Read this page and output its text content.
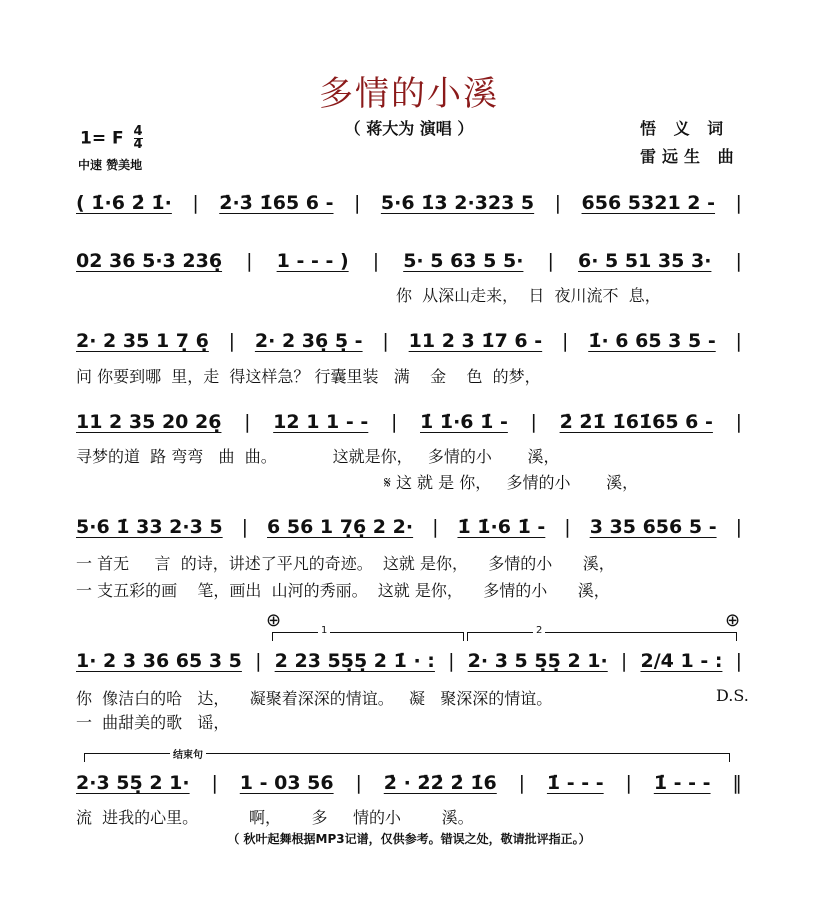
多情的小溪
（ 蒋大为 演唱 ）	悟 义 词
雷远生 曲
1= F $\frac{4}{4}$
中速 赞美地
( 1̇·6 2̇ 1̇· | 2̇·3̇ 1̇65 6 - | 5·6 1̇3 2·323 5 | 656 5321 2 - |
02 36 5·3 236̣ | 1 - - - ) | 5· 5 63 5 5· | 6· 5 51 35 3· |
2· 2 35 1 7̣ 6̣ | 2· 2 36̣ 5̣ - | 11 2 3 1̇7 6 - | 1̇· 6 65 3 5 - |
11 2 35 20 26̣ | 12 1 1 - - | 1̇ 1̇·6 1̇ - | 2̇ 2̇1̇ 1̇61̇65 6 - |
5·6 1̇ 33 2·3 5 | 6 56 1 7̣6̣ 2 2· | 1̇ 1̇·6 1̇ - | 3 35 656 5 - |
1· 2 3 36 65 3 5 | 2 23 55̣5̣ 2 1̇ · : | 2· 3 5 5̣5̣ 2 1· | 2/4 1 - : |
2·3 55̣ 2 1· | 1 - 03 56 | 2̇ · 2̇2̇ 2̇ 1̇6 | 1̇ - - - | 1̇ - - - ‖
你  从深山走来，  日  夜川流不  息，
问 你要到哪  里，走  得这样急？ 行囊里装   满    金    色  的梦，
寻梦的道  路 弯弯   曲  曲。           这就是你，   多情的小       溪，
𝄋 这 就 是 你，   多情的小       溪，
一 首无     言  的诗，讲述了平凡的奇迹。  这就 是你，    多情的小      溪，
一 支五彩的画    笔，画出  山河的秀丽。  这就 是你，    多情的小      溪，
你  像洁白的哈   达，    凝聚着深深的情谊。   凝   聚深深的情谊。	D.S.
一  曲甜美的歌   谣，
流  进我的心里。          啊，      多     情的小        溪。
⊕	⊕
1	2
结束句
（ 秋叶起舞根据MP3记谱，仅供参考。错误之处，敬请批评指正。）
